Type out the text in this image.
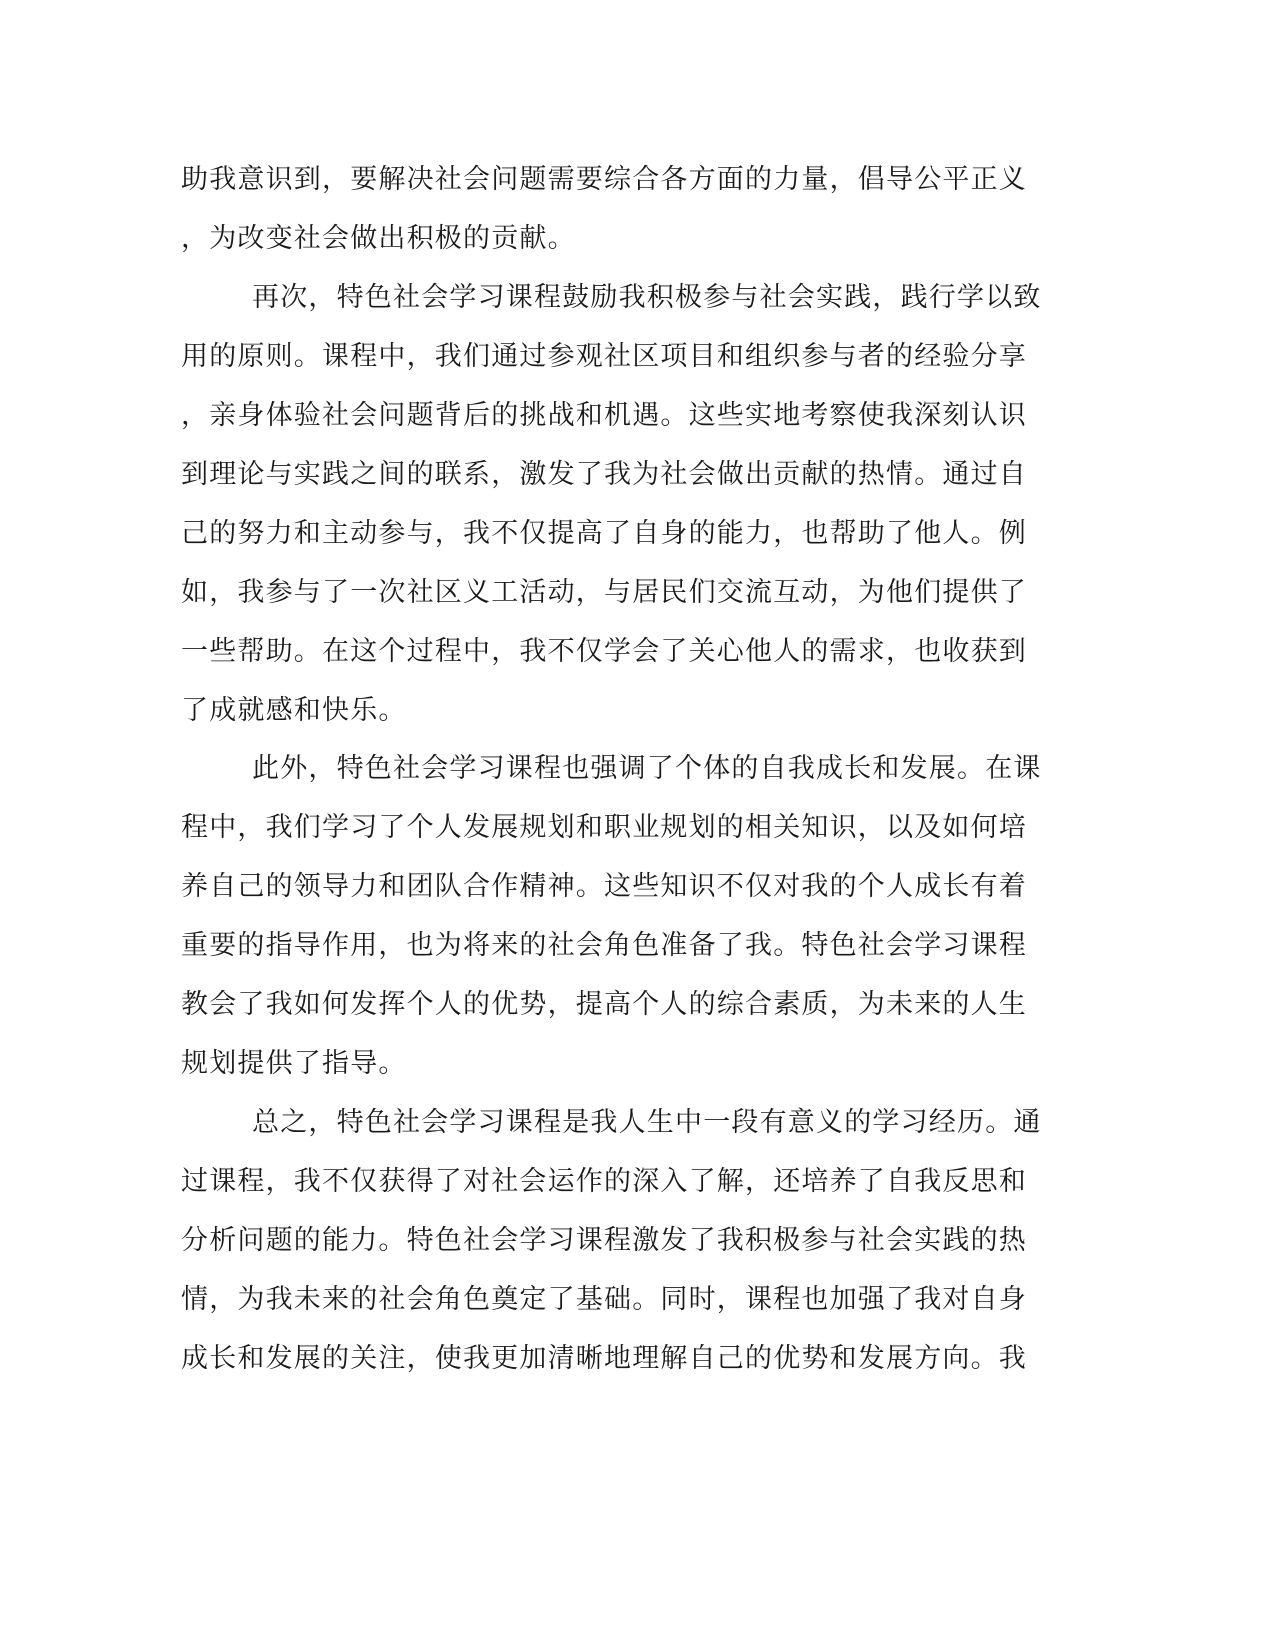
助我意识到，要解决社会问题需要综合各方面的力量，倡导公平正义

，为改变社会做出积极的贡献。

再次，特色社会学习课程鼓励我积极参与社会实践，践行学以致

用的原则。课程中，我们通过参观社区项目和组织参与者的经验分享

，亲身体验社会问题背后的挑战和机遇。这些实地考察使我深刻认识

到理论与实践之间的联系，激发了我为社会做出贡献的热情。通过自

己的努力和主动参与，我不仅提高了自身的能力，也帮助了他人。例

如，我参与了一次社区义工活动，与居民们交流互动，为他们提供了

一些帮助。在这个过程中，我不仅学会了关心他人的需求，也收获到

了成就感和快乐。

此外，特色社会学习课程也强调了个体的自我成长和发展。在课

程中，我们学习了个人发展规划和职业规划的相关知识，以及如何培

养自己的领导力和团队合作精神。这些知识不仅对我的个人成长有着

重要的指导作用，也为将来的社会角色准备了我。特色社会学习课程

教会了我如何发挥个人的优势，提高个人的综合素质，为未来的人生

规划提供了指导。

总之，特色社会学习课程是我人生中一段有意义的学习经历。通

过课程，我不仅获得了对社会运作的深入了解，还培养了自我反思和

分析问题的能力。特色社会学习课程激发了我积极参与社会实践的热

情，为我未来的社会角色奠定了基础。同时，课程也加强了我对自身

成长和发展的关注，使我更加清晰地理解自己的优势和发展方向。我
